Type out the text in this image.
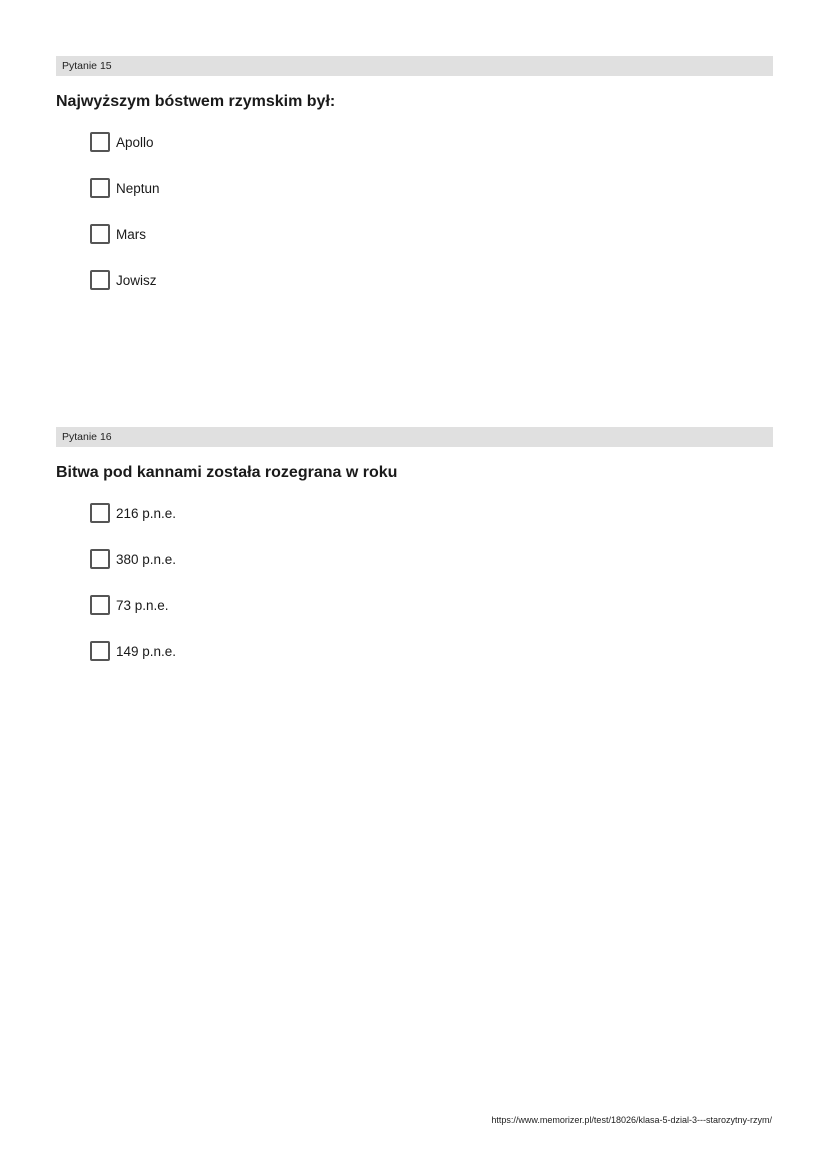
Pytanie 15
Najwyższym bóstwem rzymskim był:
Apollo
Neptun
Mars
Jowisz
Pytanie 16
Bitwa pod kannami została rozegrana w roku
216 p.n.e.
380 p.n.e.
73 p.n.e.
149 p.n.e.
https://www.memorizer.pl/test/18026/klasa-5-dzial-3---starozytny-rzym/
